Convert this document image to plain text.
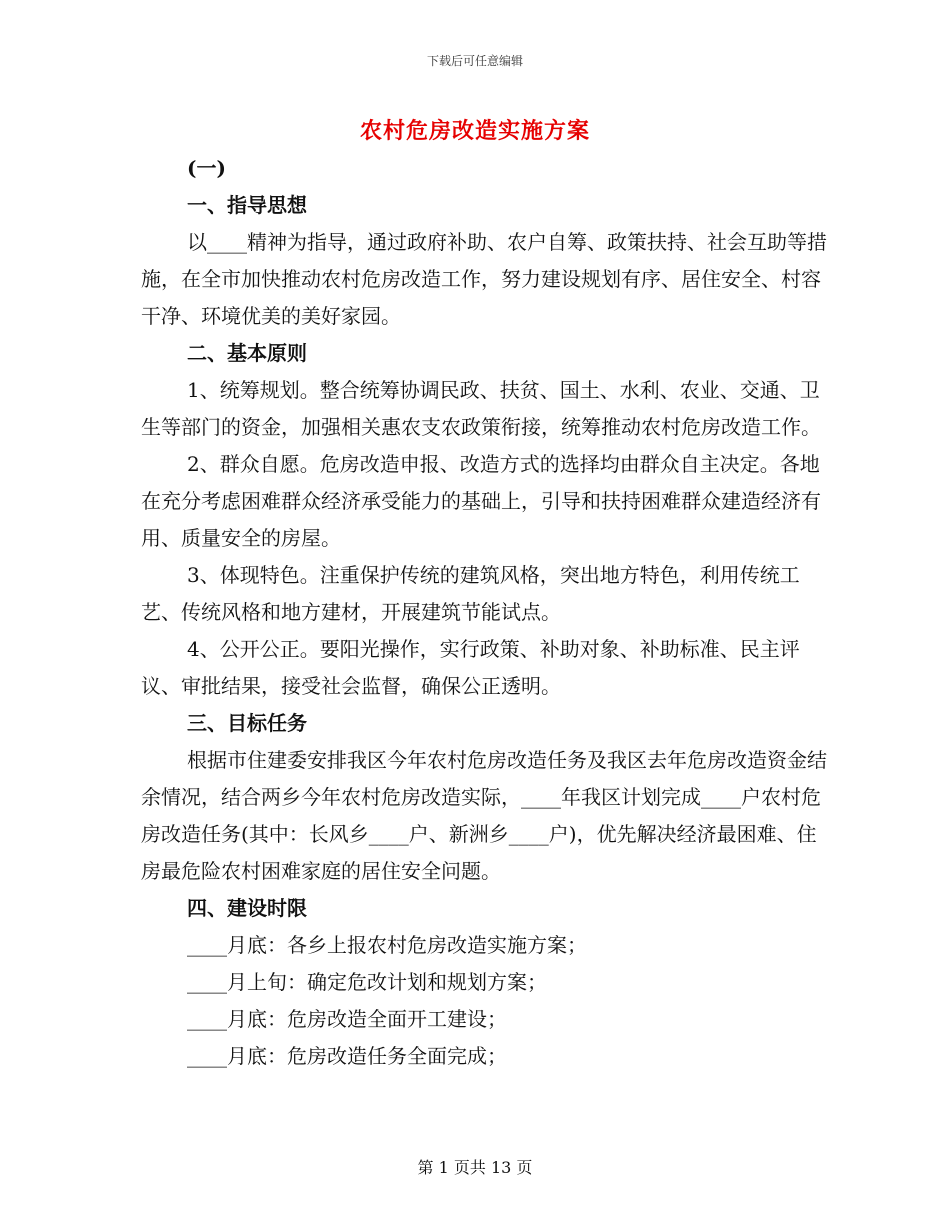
下载后可任意编辑
农村危房改造实施方案

(一)

一、指导思想

以____精神为指导，通过政府补助、农户自筹、政策扶持、社会互助等措施，在全市加快推动农村危房改造工作，努力建设规划有序、居住安全、村容干净、环境优美的美好家园。

二、基本原则

1、统筹规划。整合统筹协调民政、扶贫、国土、水利、农业、交通、卫生等部门的资金，加强相关惠农支农政策衔接，统筹推动农村危房改造工作。

2、群众自愿。危房改造申报、改造方式的选择均由群众自主决定。各地在充分考虑困难群众经济承受能力的基础上，引导和扶持困难群众建造经济有用、质量安全的房屋。

3、体现特色。注重保护传统的建筑风格，突出地方特色，利用传统工艺、传统风格和地方建材，开展建筑节能试点。

4、公开公正。要阳光操作，实行政策、补助对象、补助标准、民主评议、审批结果，接受社会监督，确保公正透明。

三、目标任务

根据市住建委安排我区今年农村危房改造任务及我区去年危房改造资金结余情况，结合两乡今年农村危房改造实际，____年我区计划完成____户农村危房改造任务(其中：长风乡____户、新洲乡____户)，优先解决经济最困难、住房最危险农村困难家庭的居住安全问题。

四、建设时限

____月底：各乡上报农村危房改造实施方案；

____月上旬：确定危改计划和规划方案；

____月底：危房改造全面开工建设；

____月底：危房改造任务全面完成；

第 1 页共 13 页
